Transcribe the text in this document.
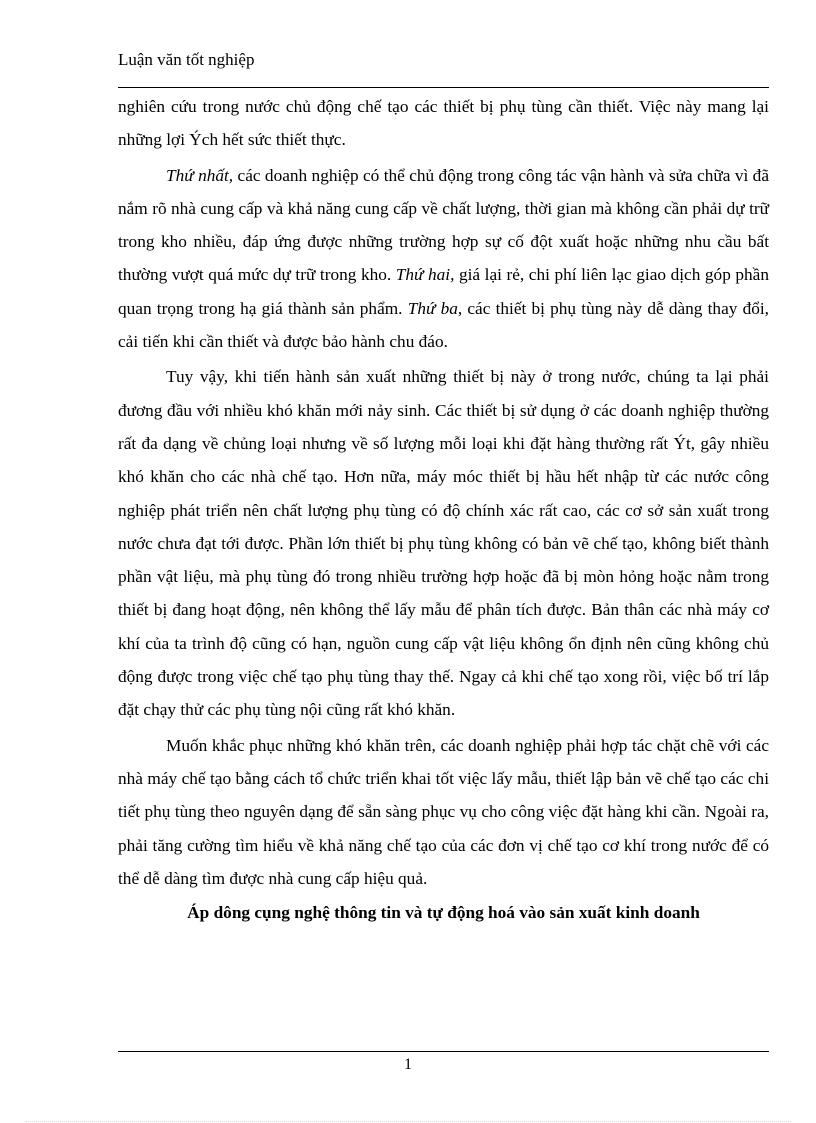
Luận văn tốt nghiệp

nghiên cứu trong nước chủ động chế tạo các thiết bị phụ tùng cần thiết. Việc này mang lại những lợi Ých hết sức thiết thực.

Thứ nhất, các doanh nghiệp có thể chủ động trong công tác vận hành và sửa chữa vì đã nắm rõ nhà cung cấp và khả năng cung cấp về chất lượng, thời gian mà không cần phải dự trữ trong kho nhiều, đáp ứng được những trường hợp sự cố đột xuất hoặc những nhu cầu bất thường vượt quá mức dự trữ trong kho. Thứ hai, giá lại rẻ, chi phí liên lạc giao dịch góp phần quan trọng trong hạ giá thành sản phẩm. Thứ ba, các thiết bị phụ tùng này dễ dàng thay đổi, cải tiến khi cần thiết và được bảo hành chu đáo.

Tuy vậy, khi tiến hành sản xuất những thiết bị này ở trong nước, chúng ta lại phải đương đầu với nhiều khó khăn mới nảy sinh. Các thiết bị sử dụng ở các doanh nghiệp thường rất đa dạng về chủng loại nhưng về số lượng mỗi loại khi đặt hàng thường rất Ýt, gây nhiều khó khăn cho các nhà chế tạo. Hơn nữa, máy móc thiết bị hầu hết nhập từ các nước công nghiệp phát triển nên chất lượng phụ tùng có độ chính xác rất cao, các cơ sở sản xuất trong nước chưa đạt tới được. Phần lớn thiết bị phụ tùng không có bản vẽ chế tạo, không biết thành phần vật liệu, mà phụ tùng đó trong nhiều trường hợp hoặc đã bị mòn hỏng hoặc nằm trong thiết bị đang hoạt động, nên không thể lấy mẫu để phân tích được. Bản thân các nhà máy cơ khí của ta trình độ cũng có hạn, nguồn cung cấp vật liệu không ổn định nên cũng không chủ động được trong việc chế tạo phụ tùng thay thế. Ngay cả khi chế tạo xong rồi, việc bố trí lắp đặt chạy thử các phụ tùng nội cũng rất khó khăn.

Muốn khắc phục những khó khăn trên, các doanh nghiệp phải hợp tác chặt chẽ với các nhà máy chế tạo bằng cách tổ chức triển khai tốt việc lấy mẫu, thiết lập bản vẽ chế tạo các chi tiết phụ tùng theo nguyên dạng để sẵn sàng phục vụ cho công việc đặt hàng khi cần. Ngoài ra, phải tăng cường tìm hiểu về khả năng chế tạo của các đơn vị chế tạo cơ khí trong nước để có thể dễ dàng tìm được nhà cung cấp hiệu quả.

Áp dông cụng nghệ thông tin và tự động hoá vào sản xuất kinh doanh

1
